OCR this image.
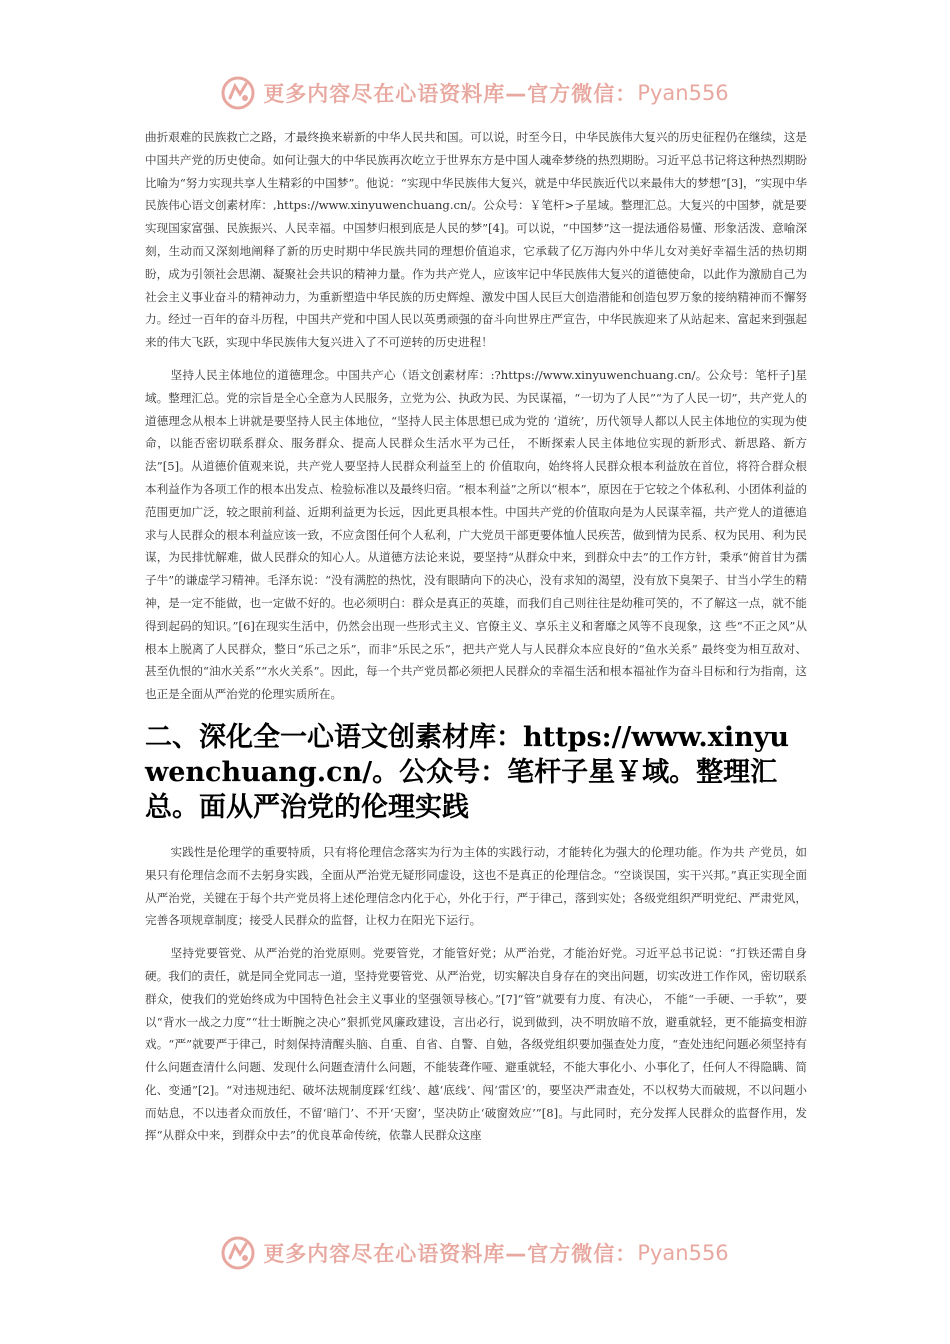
更多内容尽在心语资料库—官方微信： Pyan556

曲折艰难的民族救亡之路，才最终换来崭新的中华人民共和国。可以说，时至今日，中华民族伟大复兴的历史征程仍在继续，这是中国共产党的历史使命。如何让强大的中华民族再次屹立于世界东方是中国人魂牵梦绕的热烈期盼。习近平总书记将这种热烈期盼比喻为“努力实现共享人生精彩的中国梦”。他说：“实现中华民族伟大复兴，就是中华民族近代以来最伟大的梦想”[3]，“实现中华民族伟心语文创素材库：,https://www.xinyuwenchuang.cn/。公众号：￥笔杆>子星域。整理汇总。大复兴的中国梦，就是要实现国家富强、民族振兴、人民幸福。中国梦归根到底是人民的梦”[4]。可以说，“中国梦”这一提法通俗易懂、形象活泼、意喻深刻，生动而又深刻地阐释了新的历史时期中华民族共同的理想价值追求，它承载了亿万海内外中华儿女对美好幸福生活的热切期盼，成为引领社会思潮、凝聚社会共识的精神力量。作为共产党人，应该牢记中华民族伟大复兴的道德使命，以此作为激励自己为社会主义事业奋斗的精神动力，为重新塑造中华民族的历史辉煌、激发中国人民巨大创造潜能和创造包罗万象的接纳精神而不懈努力。经过一百年的奋斗历程，中国共产党和中国人民以英勇顽强的奋斗向世界庄严宣告，中华民族迎来了从站起来、富起来到强起来的伟大飞跃，实现中华民族伟大复兴进入了不可逆转的历史进程！

坚持人民主体地位的道德理念。中国共产心（语文创素材库：:?https://www.xinyuwenchuang.cn/。公众号：笔杆子]星域。整理汇总。党的宗旨是全心全意为人民服务，立党为公、执政为民、为民谋福，“一切为了人民”“为了人民一切”，共产党人的道德理念从根本上讲就是要坚持人民主体地位，“坚持人民主体思想已成为党的 ‘道统’，历代领导人都以人民主体地位的实现为使命，以能否密切联系群众、服务群众、提高人民群众生活水平为己任， 不断探索人民主体地位实现的新形式、新思路、新方法”[5]。从道德价值观来说，共产党人要坚持人民群众利益至上的 价值取向，始终将人民群众根本利益放在首位，将符合群众根本利益作为各项工作的根本出发点、检验标准以及最终归宿。“根本利益”之所以“根本”，原因在于它较之个体私利、小团体利益的范围更加广泛，较之眼前利益、近期利益更为长远，因此更具根本性。中国共产党的价值取向是为人民谋幸福，共产党人的道德追求与人民群众的根本利益应该一致，不应贪图任何个人私利，广大党员干部更要体恤人民疾苦，做到情为民系、权为民用、利为民谋，为民排忧解难，做人民群众的知心人。从道德方法论来说，要坚持“从群众中来，到群众中去”的工作方针，秉承“俯首甘为孺子牛”的谦虚学习精神。毛泽东说：“没有满腔的热忱，没有眼睛向下的决心，没有求知的渴望，没有放下臭架子、甘当小学生的精神，是一定不能做，也一定做不好的。也必须明白：群众是真正的英雄，而我们自己则往往是幼稚可笑的，不了解这一点，就不能得到起码的知识。”[6]在现实生活中，仍然会出现一些形式主义、官僚主义、享乐主义和奢靡之风等不良现象，这 些“不正之风”从根本上脱离了人民群众，整日“乐己之乐”，而非“乐民之乐”，把共产党人与人民群众本应良好的“鱼水关系” 最终变为相互敌对、甚至仇恨的“油水关系”“水火关系”。因此，每一个共产党员都必须把人民群众的幸福生活和根本福祉作为奋斗目标和行为指南，这也正是全面从严治党的伦理实质所在。

二、深化全一心语文创素材库：https://www.xinyuwenchuang.cn/。公众号：笔杆子星￥域。整理汇总。面从严治党的伦理实践

实践性是伦理学的重要特质，只有将伦理信念落实为行为主体的实践行动，才能转化为强大的伦理功能。作为共 产党员，如果只有伦理信念而不去躬身实践，全面从严治党无疑形同虚设，这也不是真正的伦理信念。“空谈误国，实干兴邦。”真正实现全面从严治党，关键在于每个共产党员将上述伦理信念内化于心，外化于行，严于律己，落到实处；各级党组织严明党纪、严肃党风，完善各项规章制度；接受人民群众的监督，让权力在阳光下运行。

坚持党要管党、从严治党的治党原则。党要管党，才能管好党；从严治党，才能治好党。习近平总书记说：“打铁还需自身硬。我们的责任，就是同全党同志一道，坚持党要管党、从严治党，切实解决自身存在的突出问题，切实改进工作作风，密切联系群众，使我们的党始终成为中国特色社会主义事业的坚强领导核心。”[7]“管”就要有力度、有决心， 不能“一手硬、一手软”，要以“背水一战之力度”“壮士断腕之决心”狠抓党风廉政建设，言出必行，说到做到，决不明放暗不放，避重就轻，更不能搞变相游戏。“严”就要严于律己，时刻保持清醒头脑、自重、自省、自警、自勉，各级党组织要加强查处力度，“查处违纪问题必须坚持有什么问题查清什么问题、发现什么问题查清什么问题，不能装聋作哑、避重就轻，不能大事化小、小事化了，任何人不得隐瞒、简化、变通”[2]。“对违规违纪、破坏法规制度踩‘红线’、越‘底线’、闯‘雷区’的，要坚决严肃查处，不以权势大而破规，不以问题小而姑息，不以违者众而放任，不留‘暗门’、不开‘天窗’，坚决防止‘破窗效应’”[8]。与此同时，充分发挥人民群众的监督作用，发挥“从群众中来，到群众中去”的优良革命传统，依靠人民群众这座

更多内容尽在心语资料库—官方微信： Pyan556
